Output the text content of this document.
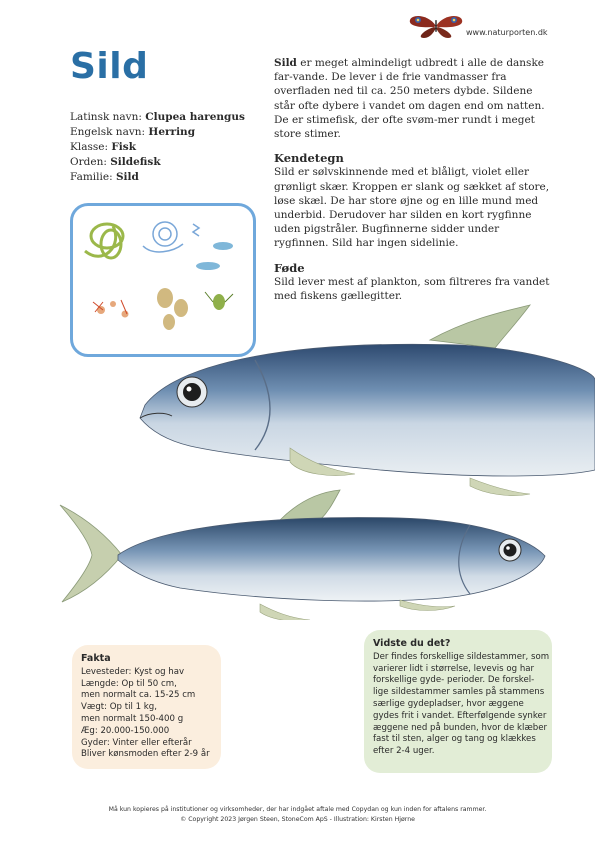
www.naturporten.dk
Sild
Latinsk navn: Clupea harengus
Engelsk navn: Herring
Klasse: Fisk
Orden: Sildefisk
Familie: Sild

Sild er meget almindeligt udbredt i alle de danske far-vande. De lever i de frie vandmasser fra overfladen ned til ca. 250 meters dybde. Sildene står ofte dybere i vandet om dagen end om natten. De er stimefisk, der ofte svøm-mer rundt i meget store stimer.

Kendetegn

Sild er sølvskinnende med et blåligt, violet eller grønligt skær. Kroppen er slank og sækket af store, løse skæl. De har store øjne og en lille mund med underbid. Derudover har silden en kort rygfinne uden pigstråler. Bugfinnerne sidder under rygfinnen. Sild har ingen sidelinie.

Føde

Sild lever mest af plankton, som filtreres fra vandet med fiskens gællegitter.

Fakta
Levesteder: Kyst og hav
Længde: Op til 50 cm,
men normalt ca. 15-25 cm
Vægt: Op til 1 kg,
men normalt 150-400 g
Æg: 20.000-150.000
Gyder: Vinter eller efterår
Bliver kønsmoden efter 2-9 år
Vidste du det?
Der findes forskellige sildestammer, som
varierer lidt i størrelse, levevis og har
forskellige gyde- perioder. De forskel-
lige sildestammer samles på stammens
særlige gydepladser, hvor æggene
gydes frit i vandet. Efterfølgende synker
æggene ned på bunden, hvor de klæber
fast til sten, alger og tang og klækkes
efter 2-4 uger.
Må kun kopieres på institutioner og virksomheder, der har indgået aftale med Copydan og kun inden for aftalens rammer.
© Copyright 2023 Jørgen Steen, StoneCom ApS - Illustration: Kirsten Hjørne
